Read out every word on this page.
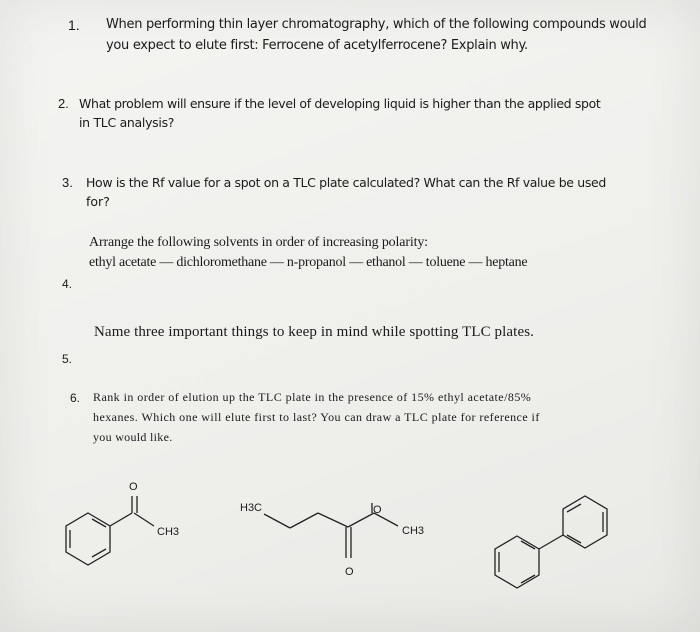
1. When performing thin layer chromatography, which of the following compounds would

you expect to elute first: Ferrocene of acetylferrocene? Explain why.

2. What problem will ensure if the level of developing liquid is higher than the applied spot

in TLC analysis?

3. How is the Rf value for a spot on a TLC plate calculated? What can the Rf value be used

for?

Arrange the following solvents in order of increasing polarity:

ethyl acetate — dichloromethane — n-propanol — ethanol — toluene — heptane

4.

Name three important things to keep in mind while spotting TLC plates.

5.
6. Rank in order of elution up the TLC plate in the presence of 15% ethyl acetate/85%

hexanes. Which one will elute first to last? You can draw a TLC plate for reference if

you would like.

O
CH3
H3C	O
O
CH3
